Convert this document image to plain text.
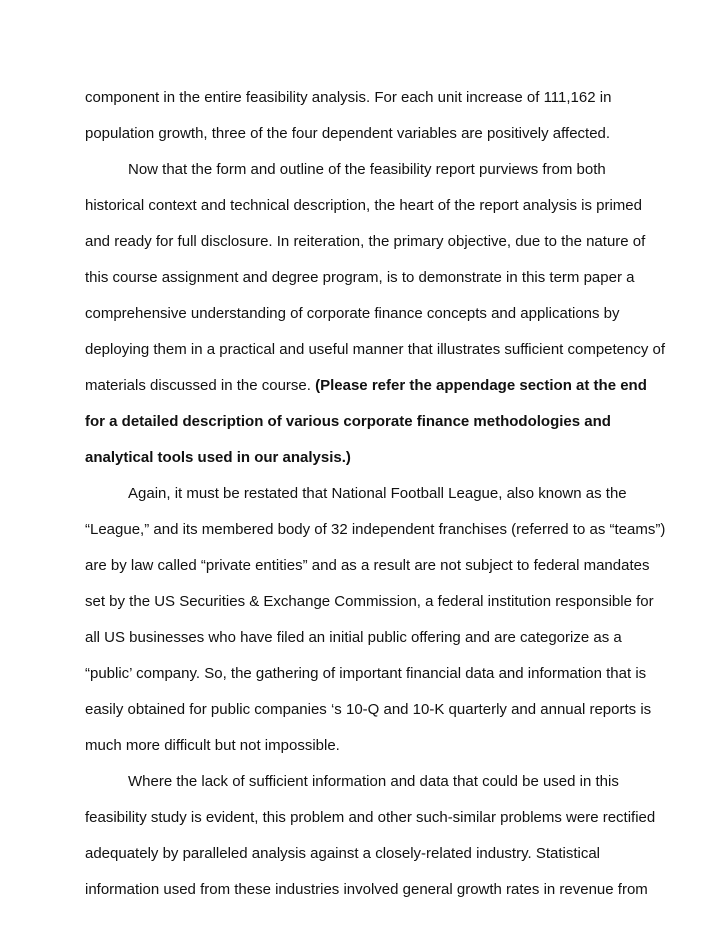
component in the entire feasibility analysis. For each unit increase of 111,162 in
population growth, three of the four dependent variables are positively affected.
Now that the form and outline of the feasibility report purviews from both
historical context and technical description, the heart of the report analysis is primed
and ready for full disclosure. In reiteration, the primary objective, due to the nature of
this course assignment and degree program, is to demonstrate in this term paper a
comprehensive understanding of corporate finance concepts and applications by
deploying them in a practical and useful manner that illustrates sufficient competency of
materials discussed in the course. (Please refer the appendage section at the end
for a detailed description of various corporate finance methodologies and
analytical tools used in our analysis.)
Again, it must be restated that National Football League, also known as the
“League,” and its membered body of 32 independent franchises (referred to as “teams”)
are by law called “private entities” and as a result are not subject to federal mandates
set by the US Securities & Exchange Commission, a federal institution responsible for
all US businesses who have filed an initial public offering and are categorize as a
“public’ company. So, the gathering of important financial data and information that is
easily obtained for public companies ‘s 10-Q and 10-K quarterly and annual reports is
much more difficult but not impossible.
Where the lack of sufficient information and data that could be used in this
feasibility study is evident, this problem and other such-similar problems were rectified
adequately by paralleled analysis against a closely-related industry. Statistical
information used from these industries involved general growth rates in revenue from
